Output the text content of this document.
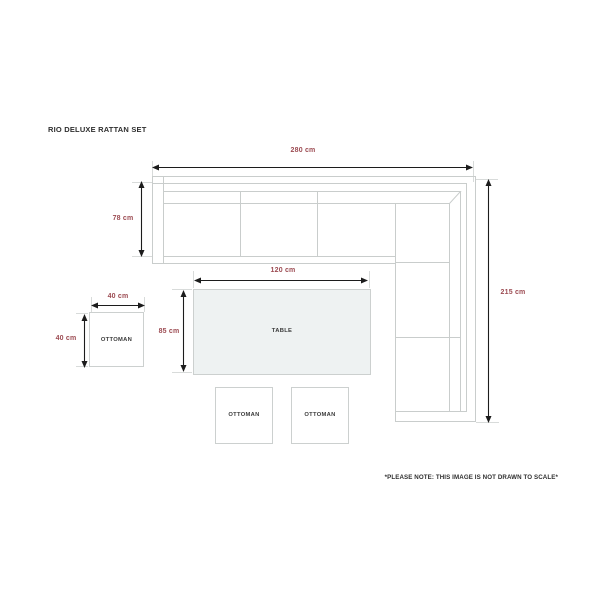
RIO DELUXE RATTAN SET
280 cm
78 cm
215 cm
120 cm
85 cm
40 cm
40 cm
TABLE
OTTOMAN
OTTOMAN	OTTOMAN
*PLEASE NOTE: THIS IMAGE IS NOT DRAWN TO SCALE*
